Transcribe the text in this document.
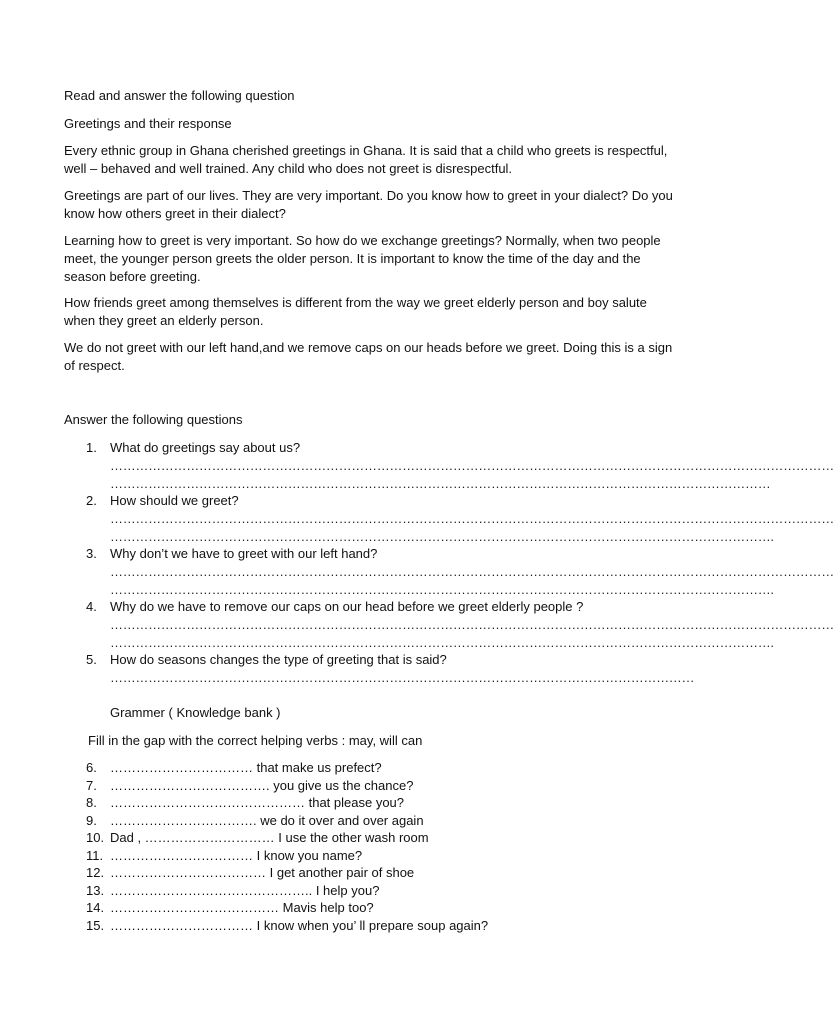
Read and answer the following question
Greetings and their response
Every ethnic group in Ghana cherished greetings in Ghana. It is said that a child who greets is respectful, well – behaved and well trained. Any child who does not greet is disrespectful.
Greetings are part of our lives. They are very important. Do you know how to greet in your dialect? Do you know how others greet in their dialect?
Learning how to greet is very important. So how do we exchange greetings? Normally, when two people meet, the younger person greets the older person. It is important to know the time of the day and the season before greeting.
How friends greet among themselves is different from the way we greet elderly person and boy salute when they greet an elderly person.
We do not greet with our left hand,and we remove caps on our heads before we greet. Doing this is a sign of respect.
Answer the following questions
1. What do greetings say about us?
………………………………………………………………………………………………………………………………………………………
…………………………………………………………………………………………………………………………………………
2. How should we greet?
………………………………………………………………………………………………………………………………………………………
………………………………………………………………………………………………………………………………………….
3. Why don’t we have to greet with our left hand?
………………………………………………………………………………………………………………………………………………………
………………………………………………………………………………………………………………………………………….
4. Why do we have to remove our caps on our head before we greet elderly people ?
………………………………………………………………………………………………………………………………………………………
………………………………………………………………………………………………………………………………………….
5. How do seasons changes the type of greeting that is said?
…………………………………………………………………………………………………………………………
Grammer ( Knowledge bank )
Fill in the gap with the correct helping verbs : may, will can
6. …………………………… that make us prefect?
7. ………………………………. you give us the chance?
8. ……………………………………… that please you?
9. ……………………………. we do it over and over again
10. Dad , ………………………… I use the other wash room
11. …………………………… I know you name?
12. ……………………………… I get another pair of shoe
13. ……………………………………….. I help you?
14. ………………………………… Mavis help too?
15. …………………………… I know when you’ ll prepare soup again?
